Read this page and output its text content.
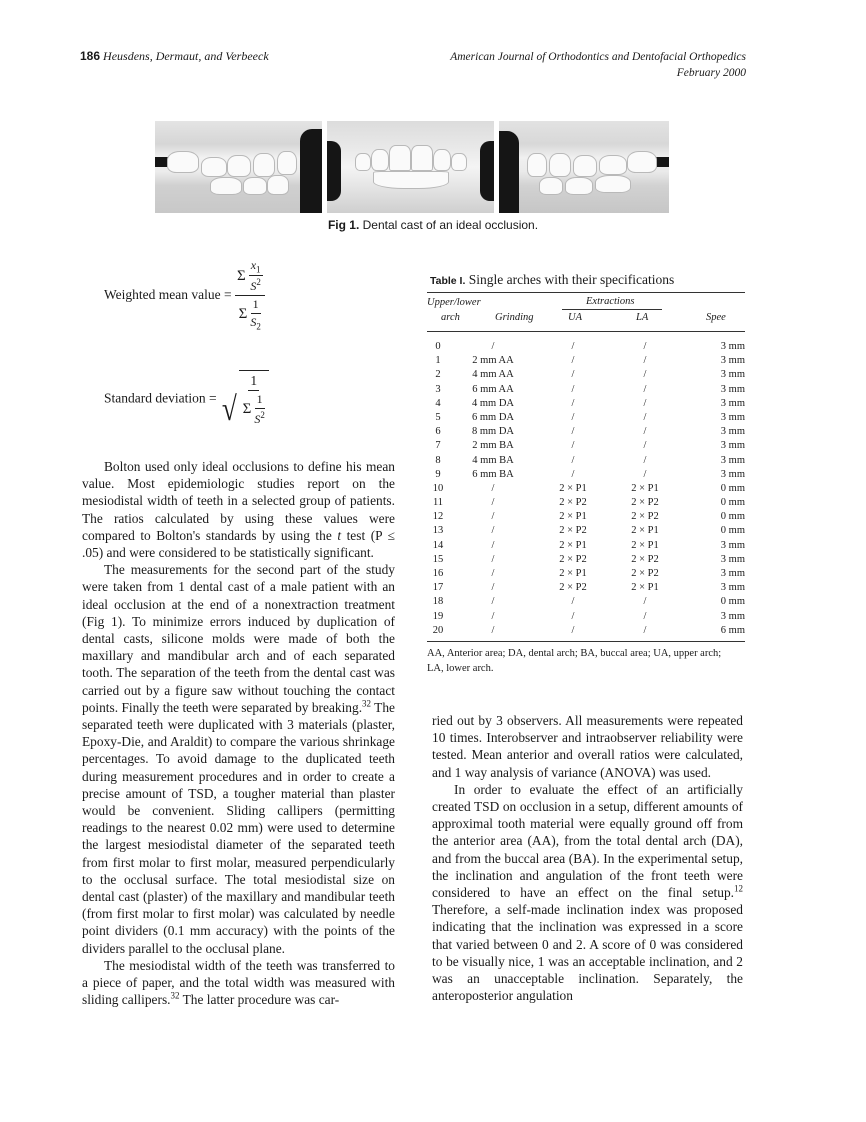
186 Heusdens, Dermaut, and Verbeeck	American Journal of Orthodontics and Dentofacial Orthopedics
February 2000
Fig 1. Dental cast of an ideal occlusion.
Weighted mean value = $\frac{\Sigma \frac{x_1}{S^2}}{\Sigma \frac{1}{S_2}}$
Standard deviation = √ $\frac{1}{\Sigma \frac{1}{S^2}}$

Bolton used only ideal occlusions to define his mean value. Most epidemiologic studies report on the mesiodistal width of teeth in a selected group of patients. The ratios calculated by using these values were compared to Bolton's standards by using the t test (P ≤ .05) and were considered to be statistically significant.

The measurements for the second part of the study were taken from 1 dental cast of a male patient with an ideal occlusion at the end of a nonextraction treatment (Fig 1). To minimize errors induced by duplication of dental casts, silicone molds were made of both the maxillary and mandibular arch and of each separated tooth. The separation of the teeth from the dental cast was carried out by a figure saw without touching the contact points. Finally the teeth were separated by breaking.$^{32}$ The separated teeth were duplicated with 3 materials (plaster, Epoxy-Die, and Araldit) to compare the various shrinkage percentages. To avoid damage to the duplicated teeth during measurement procedures and in order to create a precise amount of TSD, a tougher material than plaster would be convenient. Sliding callipers (permitting readings to the nearest 0.02 mm) were used to determine the largest mesiodistal diameter of the separated teeth from first molar to first molar, measured perpendicularly to the occlusal surface. The total mesiodistal size on dental cast (plaster) of the maxillary and mandibular teeth (from first molar to first molar) was calculated by needle point dividers (0.1 mm accuracy) with the points of the dividers parallel to the occlusal plane.

The mesiodistal width of the teeth was transferred to a piece of paper, and the total width was measured with sliding callipers.$^{32}$ The latter procedure was car-

Table I. Single arches with their specifications
Upper/lower
arch	Grinding
Extractions
UA	LA	Spee
0	/	/	/	3 mm
1	2 mm AA	/	/	3 mm
2	4 mm AA	/	/	3 mm
3	6 mm AA	/	/	3 mm
4	4 mm DA	/	/	3 mm
5	6 mm DA	/	/	3 mm
6	8 mm DA	/	/	3 mm
7	2 mm BA	/	/	3 mm
8	4 mm BA	/	/	3 mm
9	6 mm BA	/	/	3 mm
10	/	2 × P1	2 × P1	0 mm
11	/	2 × P2	2 × P2	0 mm
12	/	2 × P1	2 × P2	0 mm
13	/	2 × P2	2 × P1	0 mm
14	/	2 × P1	2 × P1	3 mm
15	/	2 × P2	2 × P2	3 mm
16	/	2 × P1	2 × P2	3 mm
17	/	2 × P2	2 × P1	3 mm
18	/	/	/	0 mm
19	/	/	/	3 mm
20	/	/	/	6 mm
AA, Anterior area; DA, dental arch; BA, buccal area; UA, upper arch; LA, lower arch.

ried out by 3 observers. All measurements were repeated 10 times. Interobserver and intraobserver reliability were tested. Mean anterior and overall ratios were calculated, and 1 way analysis of variance (ANOVA) was used.

In order to evaluate the effect of an artificially created TSD on occlusion in a setup, different amounts of approximal tooth material were equally ground off from the anterior area (AA), from the total dental arch (DA), and from the buccal area (BA). In the experimental setup, the inclination and angulation of the front teeth were considered to have an effect on the final setup.$^{12}$ Therefore, a self-made inclination index was proposed indicating that the inclination was expressed in a score that varied between 0 and 2. A score of 0 was considered to be visually nice, 1 was an acceptable inclination, and 2 was an unacceptable inclination. Separately, the anteroposterior angulation
